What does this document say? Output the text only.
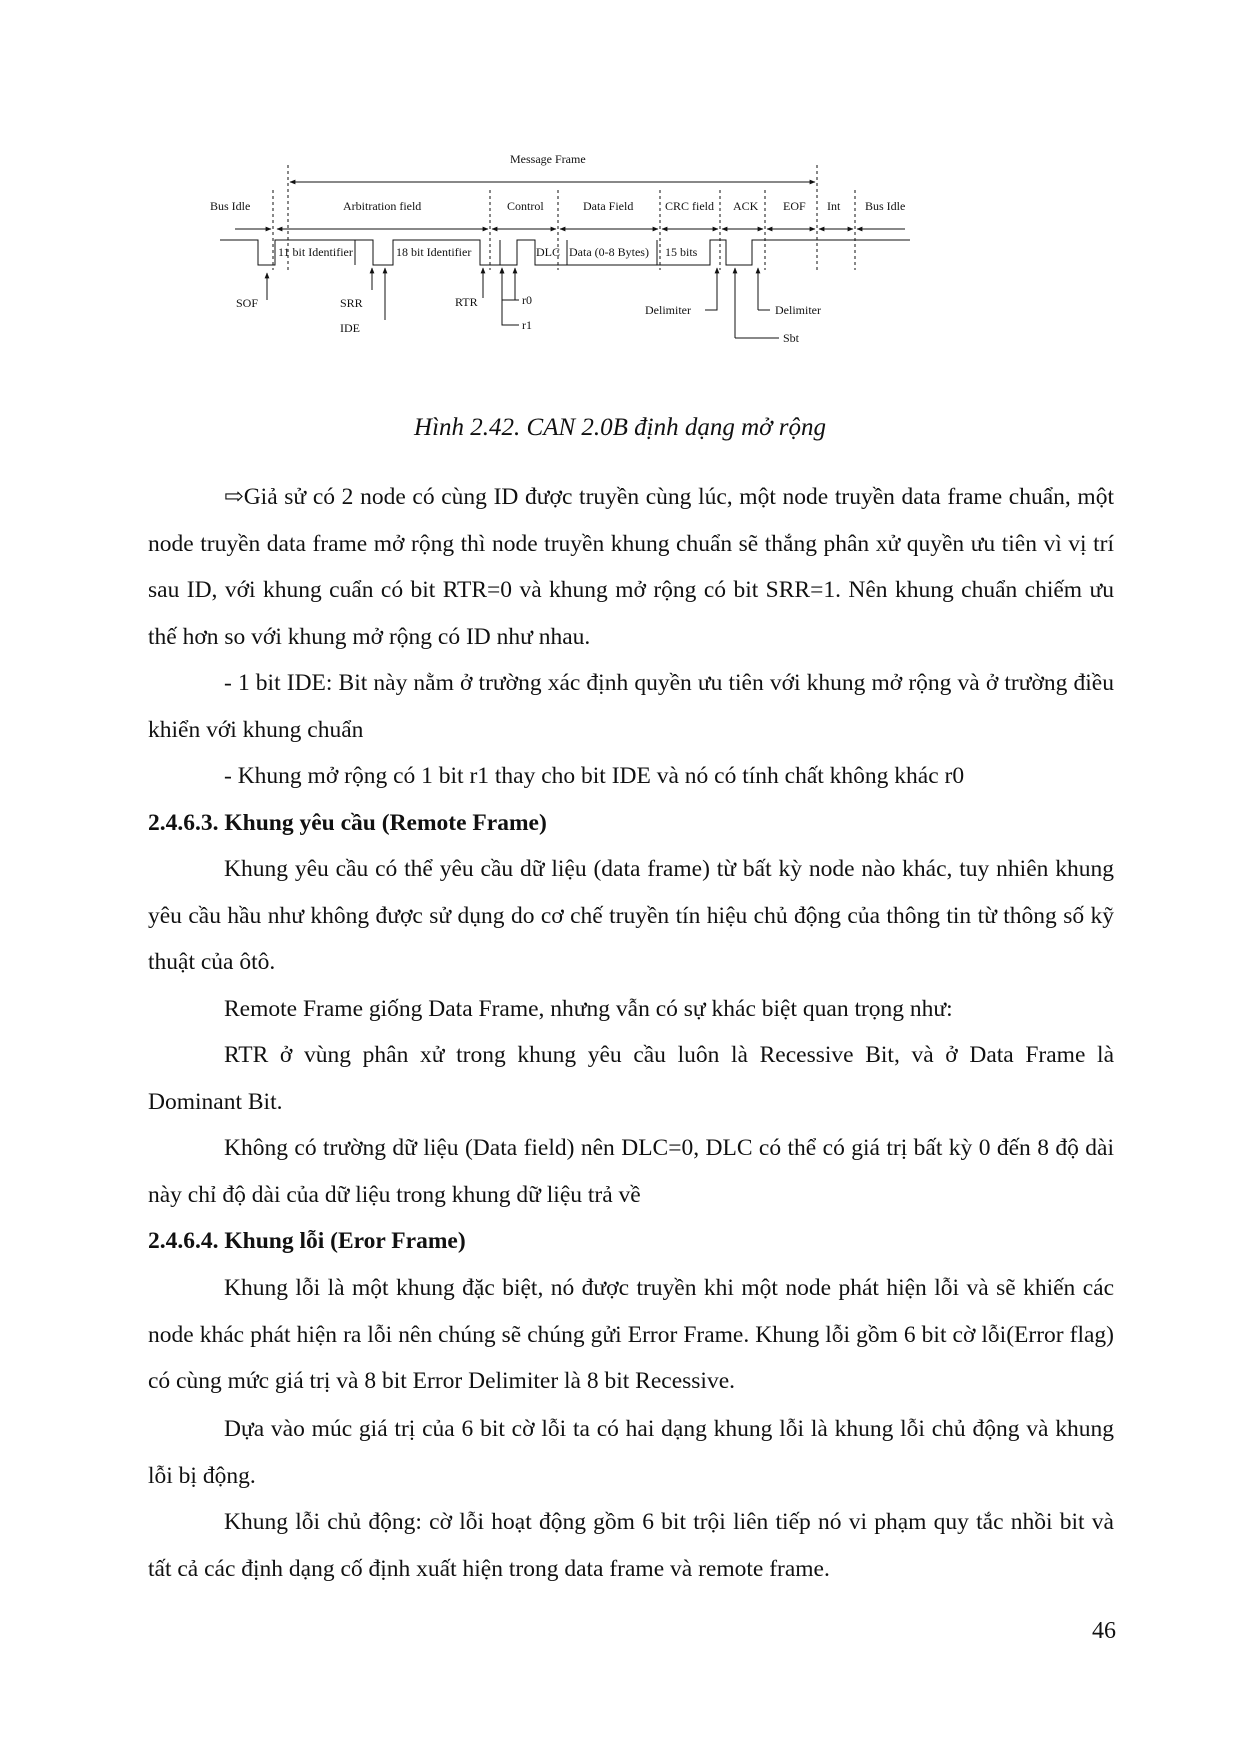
Message Frame
Bus Idle	Arbitration field	Control	Data Field	CRC field ACK EOF Int Bus Idle
11 bit Identifier	18 bit Identifier	DLC Data (0-8 Bytes) 15 bits
SOF	SRR
IDE
RTR	r0
r1
Delimiter	Delimiter
Sbt
Hình 2.42. CAN 2.0B định dạng mở rộng
⇨Giả sử có 2 node có cùng ID được truyền cùng lúc, một node truyền data frame chuẩn, một node truyền data frame mở rộng thì node truyền khung chuẩn sẽ thắng phân xử quyền ưu tiên vì vị trí sau ID, với khung cuẩn có bit RTR=0 và khung mở rộng có bit SRR=1. Nên khung chuẩn chiếm ưu thế hơn so với khung mở rộng có ID như nhau.
- 1 bit IDE: Bit này nằm ở trường xác định quyền ưu tiên với khung mở rộng và ở trường điều khiển với khung chuẩn
- Khung mở rộng có 1 bit r1 thay cho bit IDE và nó có tính chất không khác r0
2.4.6.3. Khung yêu cầu (Remote Frame)
Khung yêu cầu có thể yêu cầu dữ liệu (data frame) từ bất kỳ node nào khác, tuy nhiên khung yêu cầu hầu như không được sử dụng do cơ chế truyền tín hiệu chủ động của thông tin từ thông số kỹ thuật của ôtô.
Remote Frame giống Data Frame, nhưng vẫn có sự khác biệt quan trọng như:
RTR ở vùng phân xử trong khung yêu cầu luôn là Recessive Bit, và ở Data Frame là Dominant Bit.
Không có trường dữ liệu (Data field) nên DLC=0, DLC có thể có giá trị bất kỳ 0 đến 8 độ dài này chỉ độ dài của dữ liệu trong khung dữ liệu trả về
2.4.6.4. Khung lỗi (Eror Frame)
Khung lỗi là một khung đặc biệt, nó được truyền khi một node phát hiện lỗi và sẽ khiến các node khác phát hiện ra lỗi nên chúng sẽ chúng gửi Error Frame. Khung lỗi gồm 6 bit cờ lỗi(Error flag) có cùng mức giá trị và 8 bit Error Delimiter là 8 bit Recessive.
Dựa vào múc giá trị của 6 bit cờ lỗi ta có hai dạng khung lỗi là khung lỗi chủ động và khung lỗi bị động.
Khung lỗi chủ động: cờ lỗi hoạt động gồm 6 bit trội liên tiếp nó vi phạm quy tắc nhồi bit và tất cả các định dạng cố định xuất hiện trong data frame và remote frame.
46
